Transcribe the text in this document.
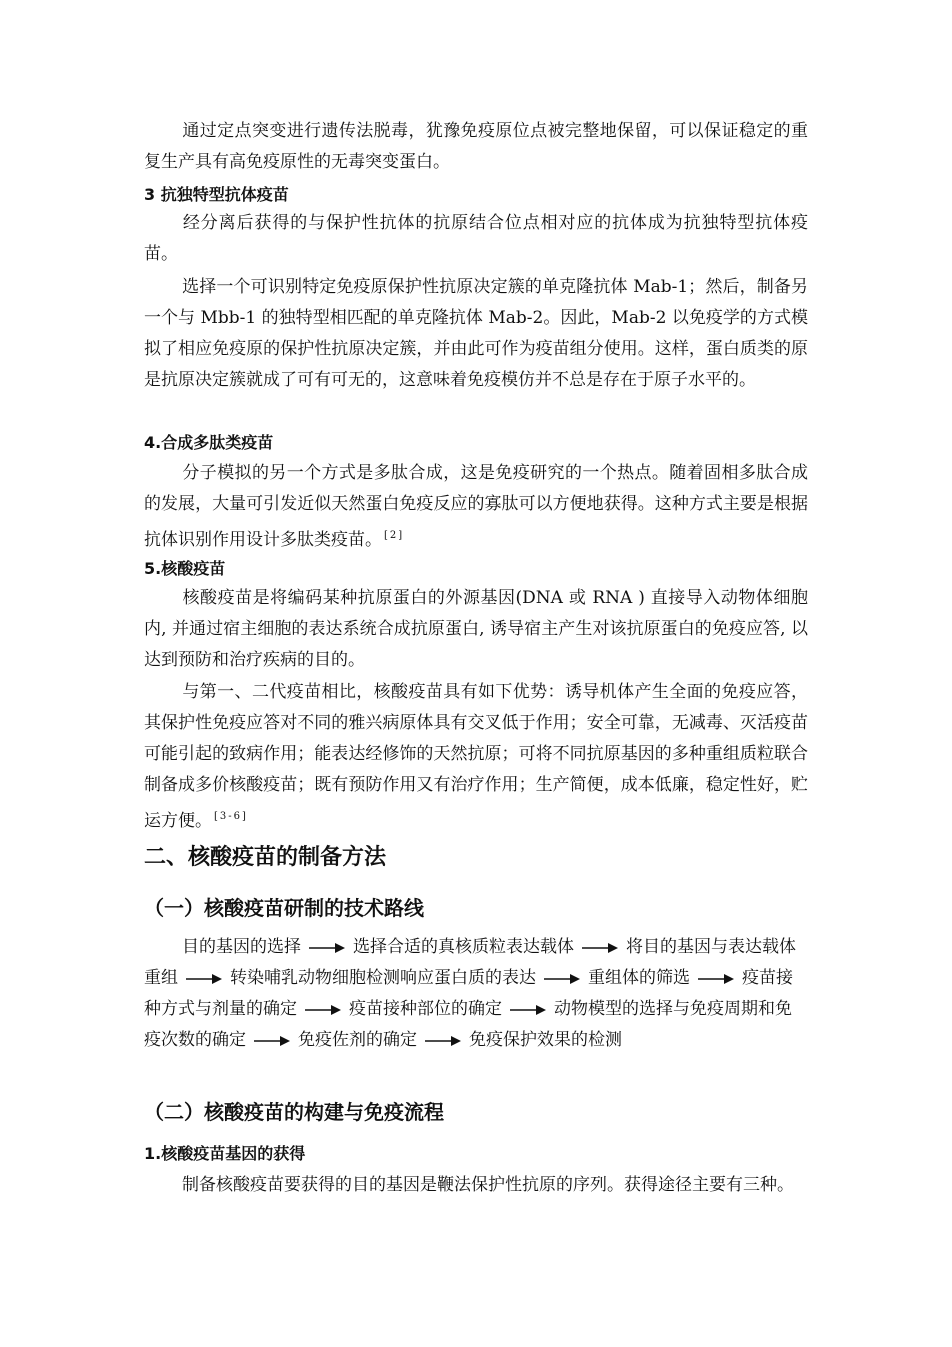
通过定点突变进行遗传法脱毒，犹豫免疫原位点被完整地保留，可以保证稳定的重复生产具有高免疫原性的无毒突变蛋白。

3 抗独特型抗体疫苗

经分离后获得的与保护性抗体的抗原结合位点相对应的抗体成为抗独特型抗体疫苗。

选择一个可识别特定免疫原保护性抗原决定簇的单克隆抗体 Mab-1；然后，制备另一个与 Mbb-1 的独特型相匹配的单克隆抗体 Mab-2。因此，Mab-2 以免疫学的方式模拟了相应免疫原的保护性抗原决定簇，并由此可作为疫苗组分使用。这样，蛋白质类的原是抗原决定簇就成了可有可无的，这意味着免疫模仿并不总是存在于原子水平的。

4.合成多肽类疫苗

分子模拟的另一个方式是多肽合成，这是免疫研究的一个热点。随着固相多肽合成的发展，大量可引发近似天然蛋白免疫反应的寡肽可以方便地获得。这种方式主要是根据抗体识别作用设计多肽类疫苗。 [2]

5.核酸疫苗

核酸疫苗是将编码某种抗原蛋白的外源基因(DNA 或 RNA ) 直接导入动物体细胞内, 并通过宿主细胞的表达系统合成抗原蛋白, 诱导宿主产生对该抗原蛋白的免疫应答, 以达到预防和治疗疾病的目的。

与第一、二代疫苗相比，核酸疫苗具有如下优势：诱导机体产生全面的免疫应答，其保护性免疫应答对不同的雅兴病原体具有交叉低于作用；安全可靠，无减毒、灭活疫苗可能引起的致病作用；能表达经修饰的天然抗原；可将不同抗原基因的多种重组质粒联合制备成多价核酸疫苗；既有预防作用又有治疗作用；生产简便，成本低廉，稳定性好，贮运方便。 [3-6]

二、核酸疫苗的制备方法
（一）核酸疫苗研制的技术路线
目的基因的选择	选择合适的真核质粒表达载体	将目的基因与表达载体重组	转染哺乳动物细胞检测响应蛋白质的表达	重组体的筛选	疫苗接种方式与剂量的确定	疫苗接种部位的确定	动物模型的选择与免疫周期和免疫次数的确定	免疫佐剂的确定	免疫保护效果的检测
（二）核酸疫苗的构建与免疫流程
1.核酸疫苗基因的获得

制备核酸疫苗要获得的目的基因是鞭法保护性抗原的序列。获得途径主要有三种。
